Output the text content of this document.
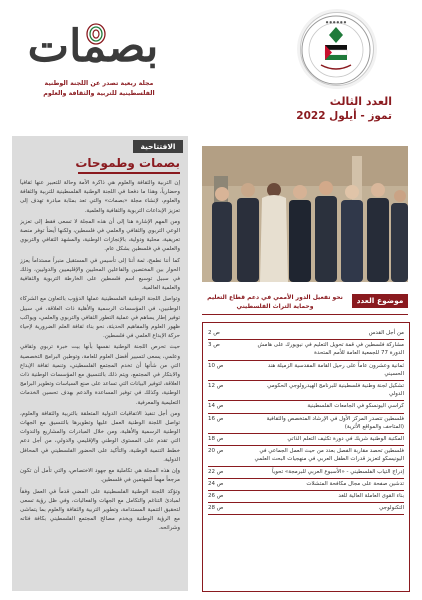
● ● ● ● ● ●
العدد الثالث
تموز - أيلول 2022
بصمات
مجلة ربعية تصدر عن اللجنة الوطنية
الفلسطينية للتربية والثقافة والعلوم
الافتتاحية
بصمات وطموحات

إن التربية والثقافة والعلوم هي ذاكرة الأمة وحالة للتعبير عنها ثقافياً وحضارياً، وهذا ما دفعنا في اللجنة الوطنية الفلسطينية للتربية والثقافة والعلوم، لإنشاء مجلة «بصمات» والتي تعد بمثابة مبادرة تهدف إلى تعزيز الإبداعات التربوية والثقافية والعلمية.

ومن المهم الإشارة هنا إلى أن هذه المجلة لا تسعى فقط إلى تعزيز الوعي التربوي والثقافي والعلمي في فلسطين، ولكنها أيضاً توفر منصة تعريفية، محلية ودولية، بالإنجازات الوطنية، والمشهد الثقافي والتربوي والعلمي في فلسطين بشكل عام.

كما أننا نطمح، ثمة أننا إلى تأسيس في المستقبل منبراً مستداماً يعزز الحوار بين المختصين والفاعلين المحليين والإقليميين والدوليين، وذلك في سبيل توسيع اسم فلسطين على الخارطة التربوية والثقافية والعلمية العالمية.

وتواصل اللجنة الوطنية الفلسطينية عملها الدؤوب بالتعاون مع الشركاء الوطنيين، في المؤسسات الرسمية والأهلية ذات العلاقة، في سبيل توفير إطار يساهم في عملية التطور الثقافي والتربوي والعلمي، ويواكب ظهور العلوم والمفاهيم الحديثة، نحو بناء ثقافة العلم الضرورية لإحياء حركة الإبداع العلمي في فلسطين.

حيث تحرص اللجنة الوطنية نفسها بأنها بيت خبرة تربوي وثقافي وعلمي، يسعى لتسيير أفضل العلوم للعامة، وتوطين البرامج التخصصية التي من شأنها أن تخدم المجتمع الفلسطيني، وتنمية ثقافة الإبداع والابتكار في المجتمع، ويتم ذلك بالتنسيق مع المؤسسات الوطنية ذات العلاقة، لتوفير البيانات التي تساعد على صنع السياسات وتطوير البرامج الوطنية، وكذلك في توفير المساعدة والدعم بهدف تحسين الخدمات التعليمية والمعرفية.

ومن أجل تنفيذ الاتفاقيات الدولية المتعلقة بالتربية والثقافة والعلوم، تواصل اللجنة الوطنية العمل عليها وتطويرها بالتنسيق مع الجهات الوطنية الرسمية والأهلية، ومن خلال المبادرات والمشاريع والندوات التي تقدم على المستوى الوطني والإقليمي والدولي، من أجل دعم خطط التنمية الوطنية، والتأكيد على الحضور الفلسطيني في المحافل الدولية.

وإن هذه المجلة هي تكاملية مع جهود الاختصاص، والتي تأمل أن تكون مرجعاً مهماً للمهتمين في فلسطين.

وتؤكد اللجنة الوطنية الفلسطينية على المضي قدماً في العمل وفقاً لمبادئ التناغم والتكامل مع الجهات والفعاليات، وفي ظل رؤية تسعى لتحقيق التنمية المستدامة، وتطوير التربية والثقافة والعلوم بما يتماشى مع الرؤية الوطنية ويخدم مصالح المجتمع الفلسطيني بكافة فئاته وشرائحه.

نحو تفعيل الدور الأممي في دعم قطاع التعليم
وحماية التراث الفلسطيني
موضوع العدد
من أجل القدس
ص 2
مشاركة فلسطين في قمة تحويل التعليم في نيويورك على هامش الدورة 77 للجمعية العامة للأمم المتحدة
ص 3
ثمانية وعشرون عاماً على رحيل القامة المقدسية الزميلة هند الحسيني
ص 10
تشكيل لجنة وطنية فلسطينية للبرنامج الهيدرولوجي الحكومي الدولي
ص 12
كراسي اليونسكو في الجامعات الفلسطينية
ص 14
فلسطين تتصدر المركز الأول في الإرشاد المتخصص والثقافية (المتاحف والمواقع الأثرية)
ص 16
المكتبة الوطنية شريك في دورة تكثيف التعلم الذاتي
ص 18
فلسطين تحصد مقاربة الفصل بعدد من حيث العمل الجماعي في اليونيسكو لتعزيز قدرات الطفل العربي في منهجيات البحث العلمي
ص 20
إدراج التياب الفلسطيني - «الأسبوع العربي للبرمجة» تحوياً
ص 22
تدشين صفحة على مجال مكافحة المتشلات
ص 24
بناء القوى العاملة العالية للغد
ص 26
التكنولوجي
ص 28
